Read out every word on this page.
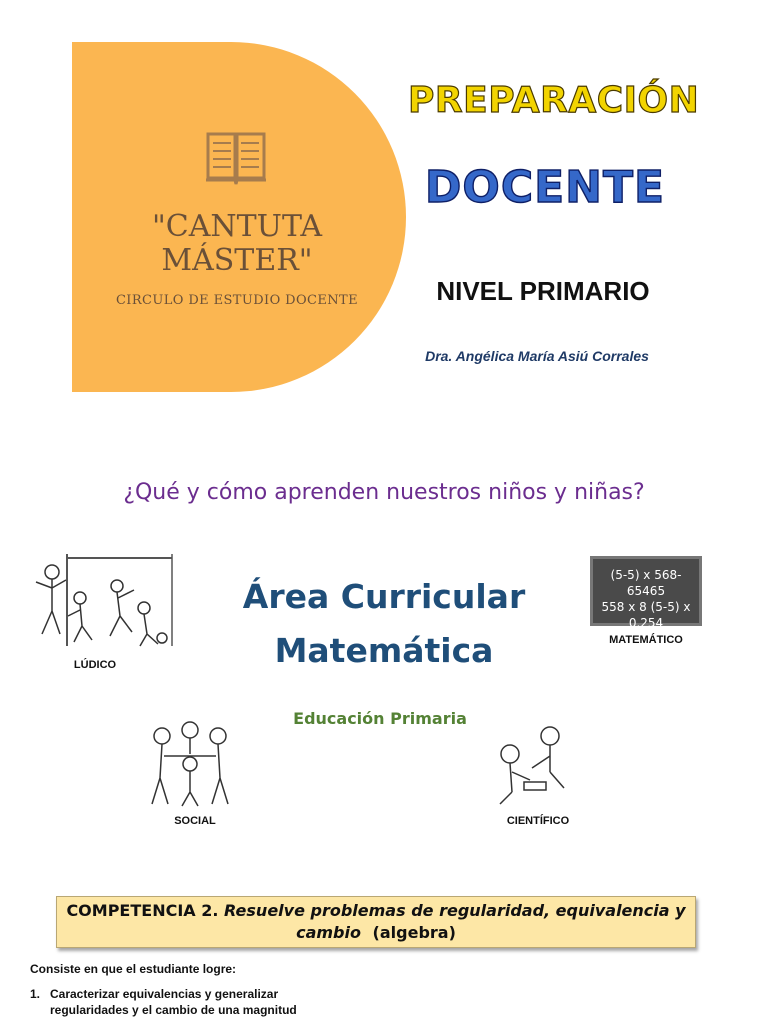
"CANTUTA
MÁSTER"
CIRCULO DE ESTUDIO DOCENTE
PREPARACIÓN
DOCENTE
NIVEL PRIMARIO
Dra. Angélica María Asiú Corrales
¿Qué y cómo aprenden nuestros niños y niñas?
LÚDICO
Área Curricular
Matemática
(5-5) x 568-65465
558 x 8 (5-5) x
0.254
MATEMÁTICO
Educación Primaria
SOCIAL	CIENTÍFICO
COMPETENCIA 2. Resuelve problemas de regularidad, equivalencia y cambio (algebra)
Consiste en que el estudiante logre:
1. Caracterizar equivalencias y generalizar regularidades y el cambio de una magnitud
